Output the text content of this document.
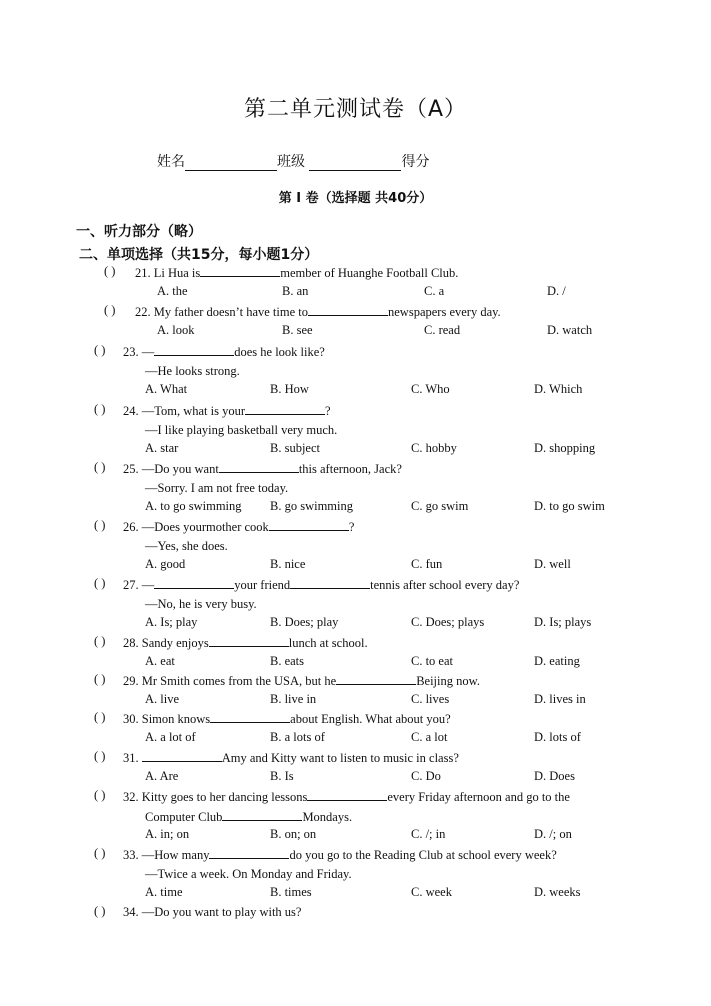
第二单元测试卷（A）
姓名	班级	得分
第 I 卷（选择题 共40分）
一、听力部分（略）
二、单项选择（共15分，每小题1分）
( ) 21. Li Hua is	member of Huanghe Football Club.
A. the	B. an	C. a	D. /
( ) 22. My father doesn’t have time to	newspapers every day.
A. look	B. see	C. read	D. watch
( ) 23. —	does he look like?
—He looks strong.
A. What	B. How	C. Who	D. Which
( ) 24. —Tom, what is your	?
—I like playing basketball very much.
A. star	B. subject	C. hobby	D. shopping
( ) 25. —Do you want	this afternoon, Jack?
—Sorry. I am not free today.
A. to go swimming B. go swimming	C. go swim	D. to go swim
( ) 26. —Does yourmother cook	?
—Yes, she does.
A. good	B. nice	C. fun	D. well
( ) 27. —	your friend	tennis after school every day?
—No, he is very busy.
A. Is; play	B. Does; play	C. Does; plays	D. Is; plays
( ) 28. Sandy enjoys	lunch at school.
A. eat	B. eats	C. to eat	D. eating
( ) 29. Mr Smith comes from the USA, but he	Beijing now.
A. live	B. live in	C. lives	D. lives in
( ) 30. Simon knows	about English. What about you?
A. a lot of	B. a lots of	C. a lot	D. lots of
( ) 31.	Amy and Kitty want to listen to music in class?
A. Are	B. Is	C. Do	D. Does
( ) 32. Kitty goes to her dancing lessons	every Friday afternoon and go to the
Computer Club	Mondays.
A. in; on	B. on; on	C. /; in	D. /; on
( ) 33. —How many	do you go to the Reading Club at school every week?
—Twice a week. On Monday and Friday.
A. time	B. times	C. week	D. weeks
( ) 34. —Do you want to play with us?
